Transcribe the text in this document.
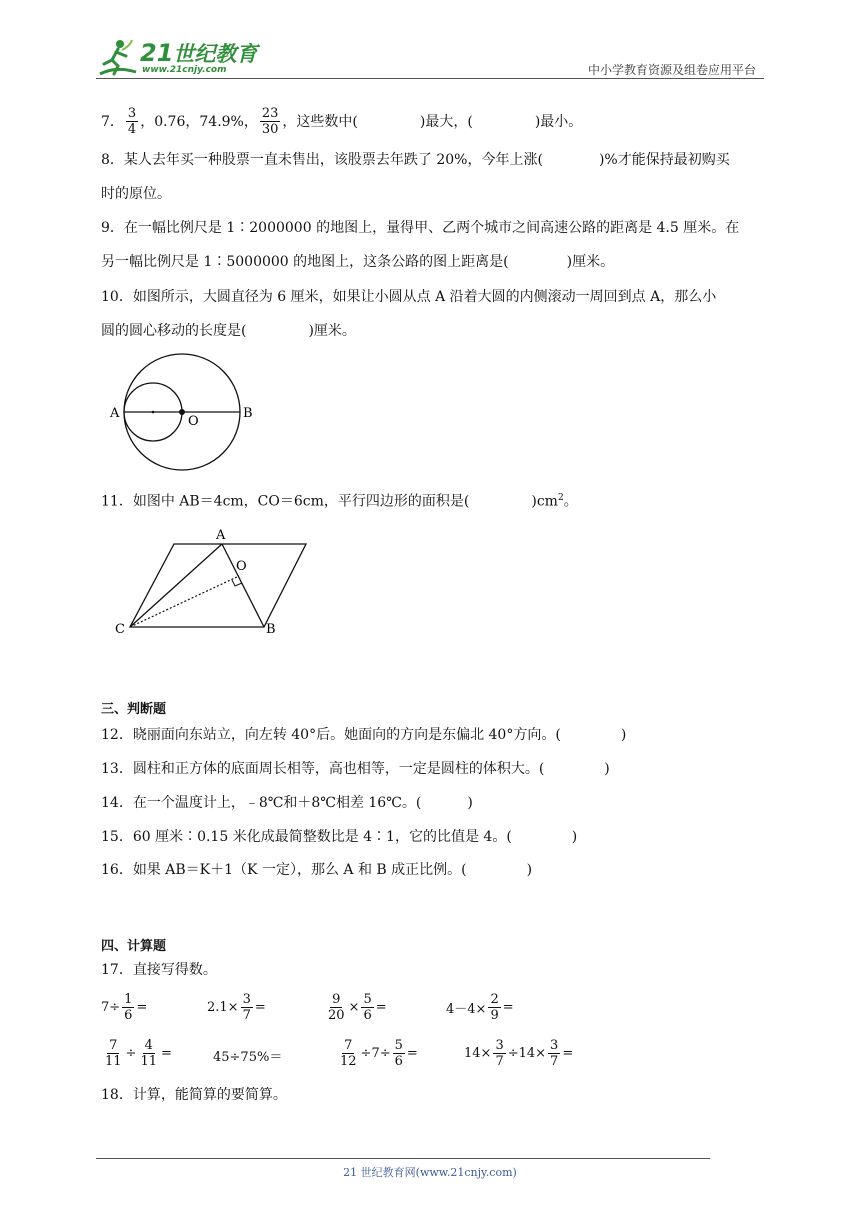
21世纪教育
www.21cnjy.com	中小学教育资源及组卷应用平台
7． $\frac{3}{4}$ ，0.76，74.9%， $\frac{23}{30}$ ，这些数中(	)最大，(	)最小。
8．某人去年买一种股票一直未售出，该股票去年跌了 20%，今年上涨(	)%才能保持最初购买
时的原位。
9．在一幅比例尺是 1∶2000000 的地图上，量得甲、乙两个城市之间高速公路的距离是 4.5 厘米。在
另一幅比例尺是 1∶5000000 的地图上，这条公路的图上距离是(	)厘米。
10．如图所示，大圆直径为 6 厘米，如果让小圆从点 A 沿着大圆的内侧滚动一周回到点 A，那么小
圆的圆心移动的长度是(	)厘米。
A
O
B
11．如图中 AB＝4cm，CO＝6cm，平行四边形的面积是(	)$cm^2$。
A
O
C	B
三、判断题
12．晓丽面向东站立，向左转 40°后。她面向的方向是东偏北 40°方向。(	)
13．圆柱和正方体的底面周长相等，高也相等，一定是圆柱的体积大。(	)
14．在一个温度计上，﹣8℃和＋8℃相差 16℃。(	)
15．60 厘米∶0.15 米化成最简整数比是 4∶1，它的比值是 4。(	)
16．如果 AB＝K＋1（K 一定），那么 A 和 B 成正比例。(	)
四、计算题
17．直接写得数。
$7\div \frac{1}{6}$ =	$2.1\times \frac{3}{7}$ =	$\frac{9}{20} \times \frac{5}{6}$ =	$4-4\times \frac{2}{9}$ =
$\frac{7}{11} \div \frac{4}{11}$ =	45÷75%＝	$\frac{7}{12} \div 7\div \frac{5}{6}$ =	$14\times \frac{3}{7} \div 14\times \frac{3}{7}$ =
18．计算，能简算的要简算。
21 世纪教育网(www.21cnjy.com)
